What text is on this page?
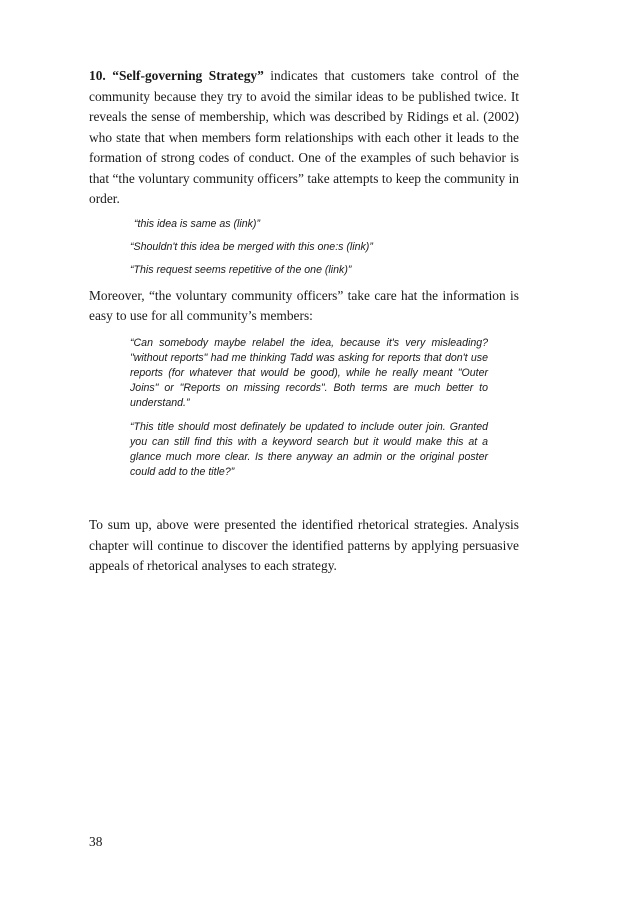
10. “Self-governing Strategy” indicates that customers take control of the community because they try to avoid the similar ideas to be published twice. It reveals the sense of membership, which was described by Ridings et al. (2002) who state that when members form relationships with each other it leads to the formation of strong codes of conduct. One of the examples of such behavior is that “the voluntary community officers” take attempts to keep the community in order.

“this idea is same as (link)”

“Shouldn't this idea be merged with this one:s (link)”

“This request seems repetitive of the one (link)”

Moreover, “the voluntary community officers” take care hat the information is easy to use for all community’s members:

“Can somebody maybe relabel the idea, because it's very misleading? "without reports" had me thinking Tadd was asking for reports that don't use reports (for whatever that would be good), while he really meant "Outer Joins" or "Reports on missing records". Both terms are much better to understand.”

“This title should most definately be updated to include outer join. Granted you can still find this with a keyword search but it would make this at a glance much more clear. Is there anyway an admin or the original poster could add to the title?”

To sum up, above were presented the identified rhetorical strategies. Analysis chapter will continue to discover the identified patterns by applying persuasive appeals of rhetorical analyses to each strategy.

38
